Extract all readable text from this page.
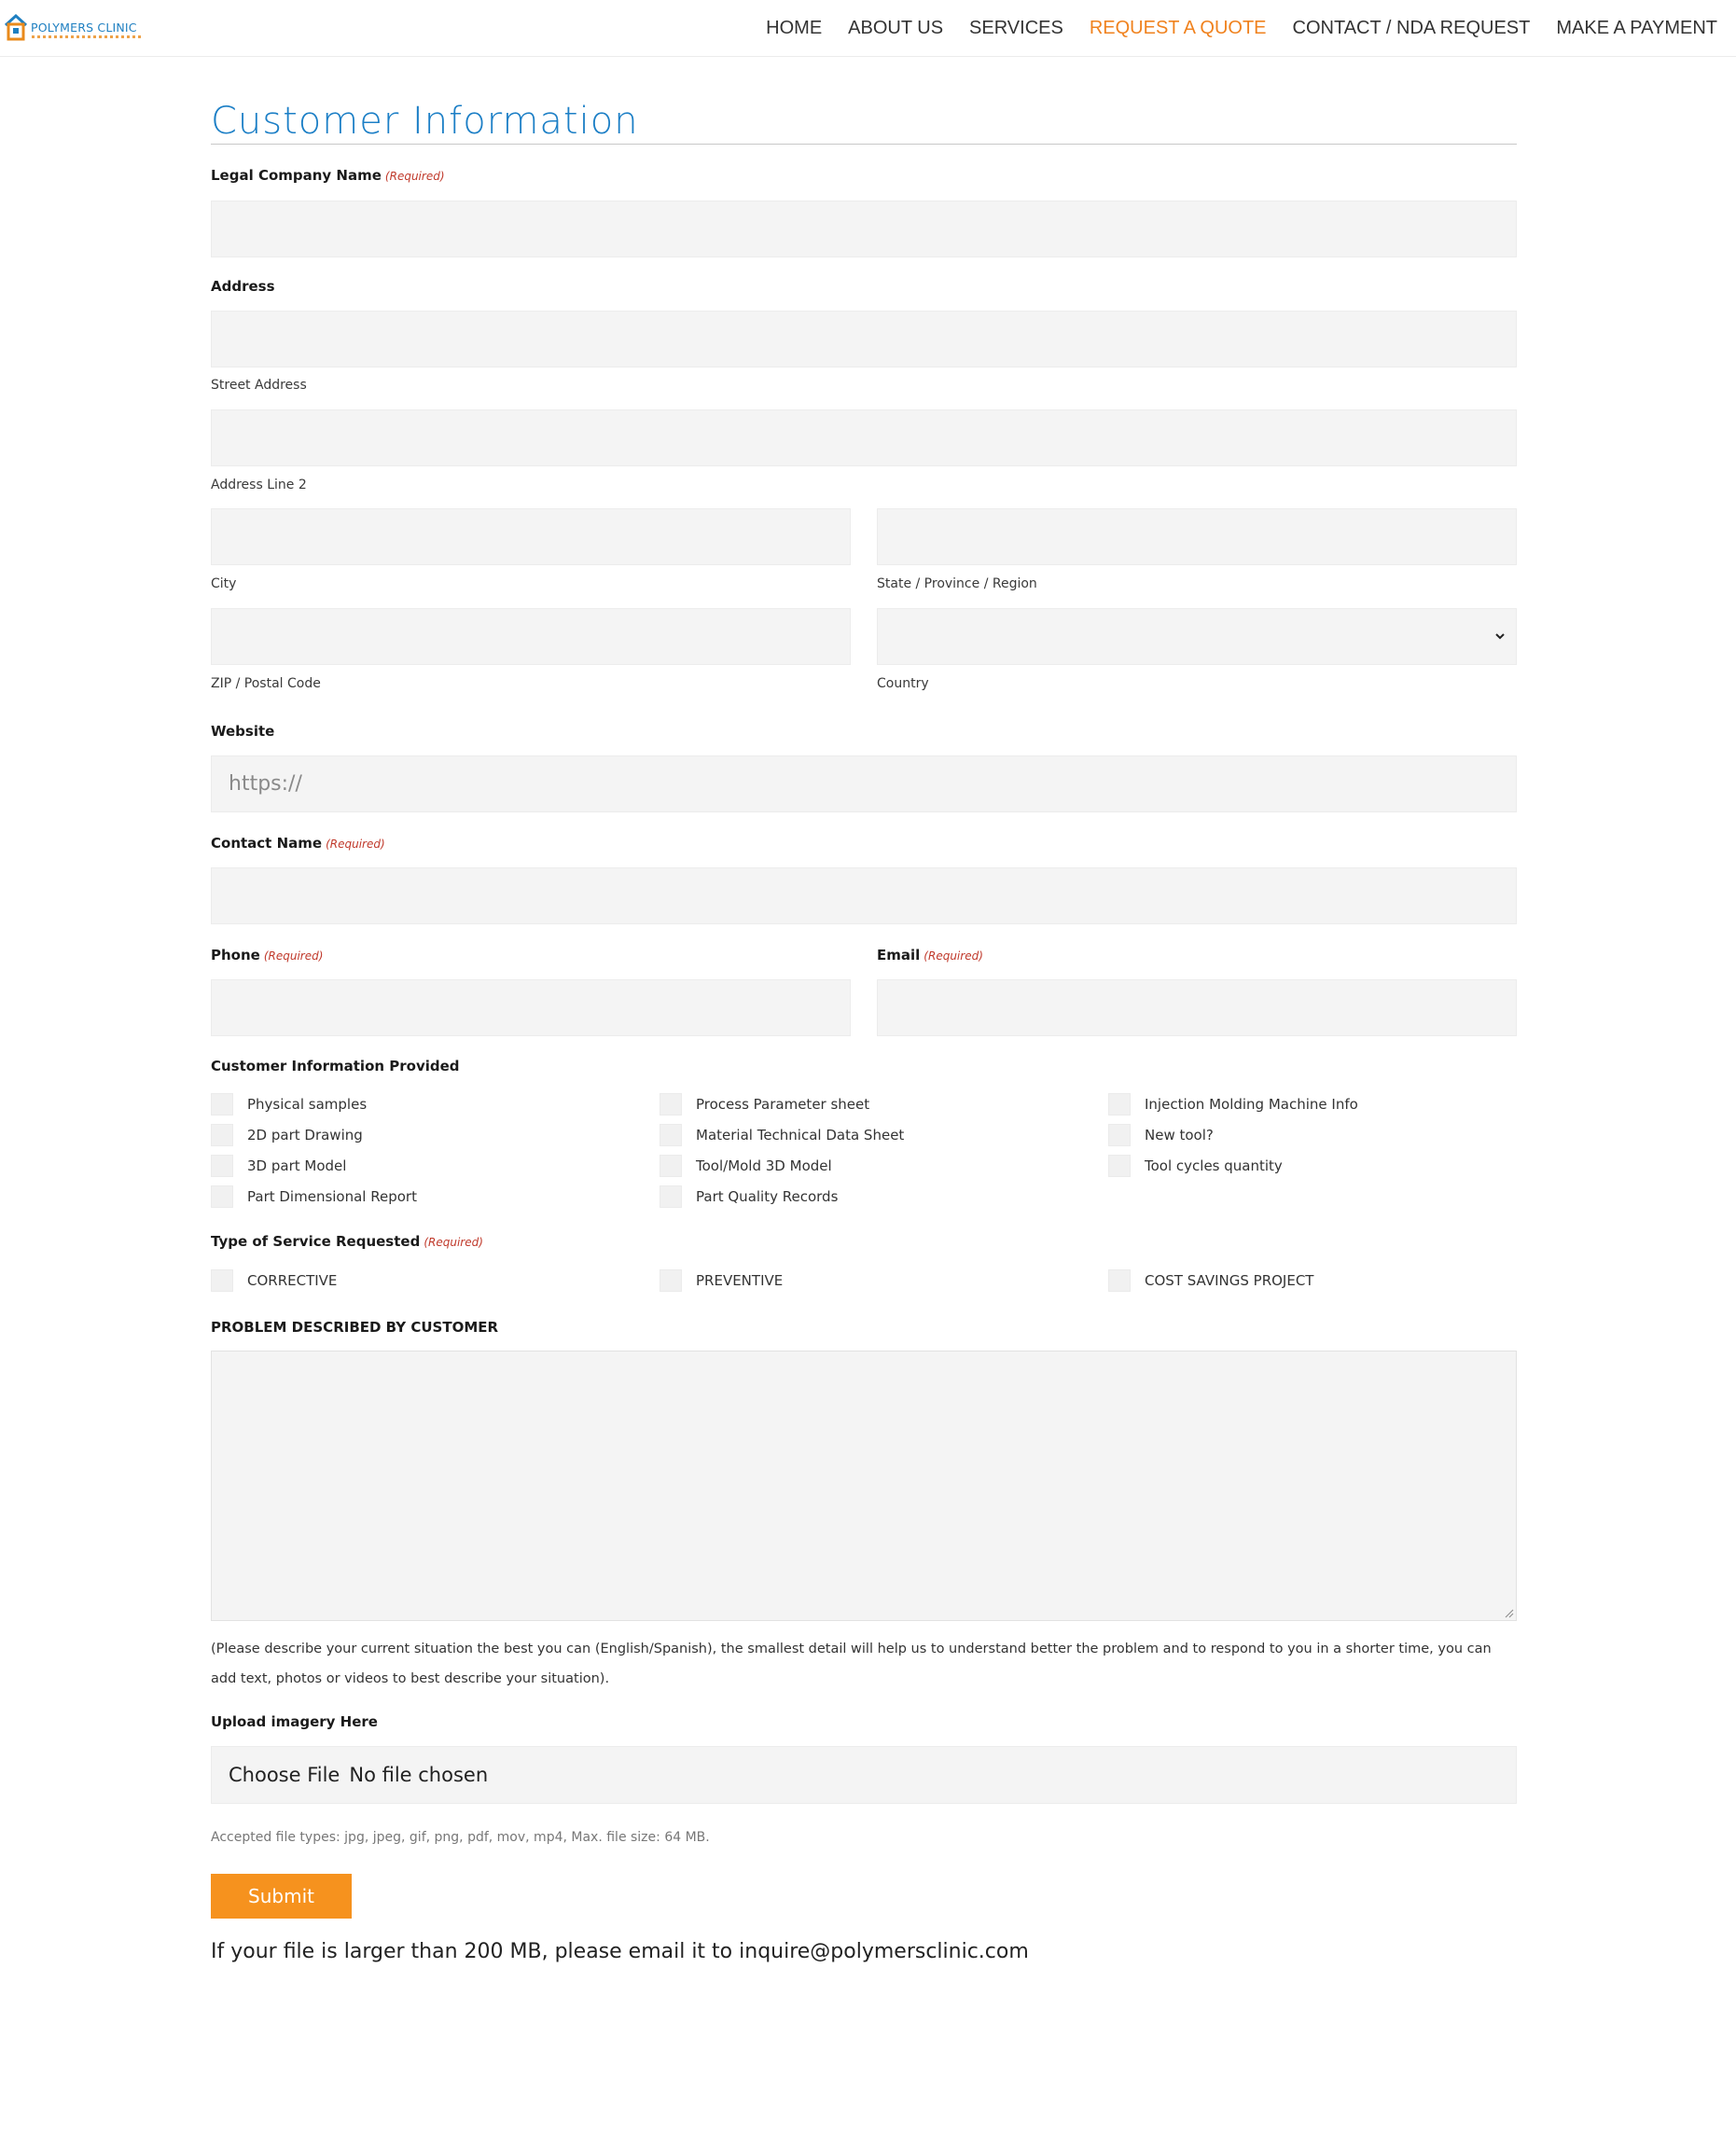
POLYMERS CLINIC	HOME ABOUT US SERVICES REQUEST A QUOTE CONTACT / NDA REQUEST MAKE A PAYMENT
Customer Information
Legal Company Name (Required)
Address
Street Address
Address Line 2
City	State / Province / Region
ZIP / Postal Code	Country
Website
https://
Contact Name (Required)
Phone (Required)	Email (Required)
Customer Information Provided
Physical samples	Process Parameter sheet	Injection Molding Machine Info
2D part Drawing	Material Technical Data Sheet	New tool?
3D part Model	Tool/Mold 3D Model	Tool cycles quantity
Part Dimensional Report	Part Quality Records
Type of Service Requested (Required)
CORRECTIVE	PREVENTIVE	COST SAVINGS PROJECT
PROBLEM DESCRIBED BY CUSTOMER

(Please describe your current situation the best you can (English/Spanish), the smallest detail will help us to understand better the problem and to respond to you in a shorter time, you can add text, photos or videos to best describe your situation).

Upload imagery Here
Choose File No file chosen
Accepted file types: jpg, jpeg, gif, png, pdf, mov, mp4, Max. file size: 64 MB.
Submit
If your file is larger than 200 MB, please email it to inquire@polymersclinic.com
